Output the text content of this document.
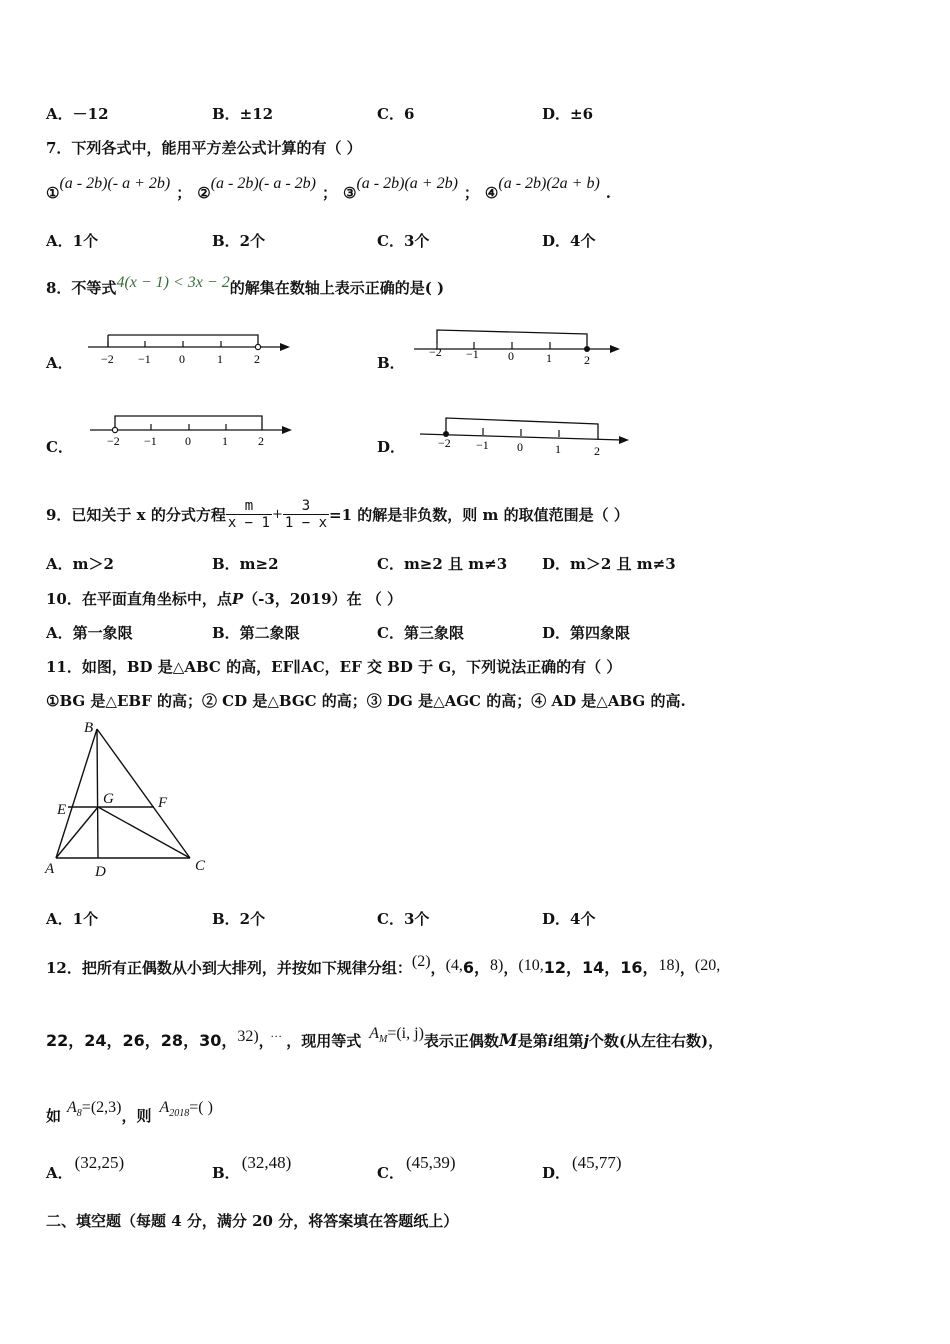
A．－12	B．±12	C．6	D．±6
7．下列各式中，能用平方差公式计算的有（ ）
①(a - 2b)(- a + 2b)； ②(a - 2b)(- a - 2b)； ③(a - 2b)(a + 2b)； ④(a - 2b)(2a + b).
A．1个	B．2个	C．3个	D．4个
8．不等式4(x − 1) < 3x − 2的解集在数轴上表示正确的是( )
A．	B．
C．	D．
−2 −1 0	1	2	−2 −1 0	1	2
−2 −1 0	1	2	−2 −1 0	1	2
9．已知关于 x 的分式方程 $\frac{m}{x - 1} + \frac{3}{1 - x} =1$ 的解是非负数，则 m 的取值范围是（ ）
A．m＞2	B．m≥2	C．m≥2 且 m≠3 D．m＞2 且 m≠3
10．在平面直角坐标中，点P（-3，2019）在 （ ）
A．第一象限	B．第二象限	C．第三象限	D．第四象限
11．如图，BD 是△ABC 的高，EF∥AC，EF 交 BD 于 G，下列说法正确的有（ ）
①BG 是△EBF 的高；② CD 是△BGC 的高；③ DG 是△AGC 的高；④ AD 是△ABG 的高.
B
E
G	F
A	D	C
A．1个	B．2个	C．3个	D．4个
12．把所有正偶数从小到大排列，并按如下规律分组：(2)，(4,6，8)，(10,12，14，16，18)，(20,
22，24，26，28，30，32)， ··· ，现用等式 $A_M=(i$, j)表示正偶数M是第i组第j个数(从左往右数)，
如 $A_8=(2,3)$，则 $A_{2018}=$( )
A．(32,25)
B．(32,48)
C．(45,39)
D．(45,77)
二、填空题（每题 4 分，满分 20 分，将答案填在答题纸上）
